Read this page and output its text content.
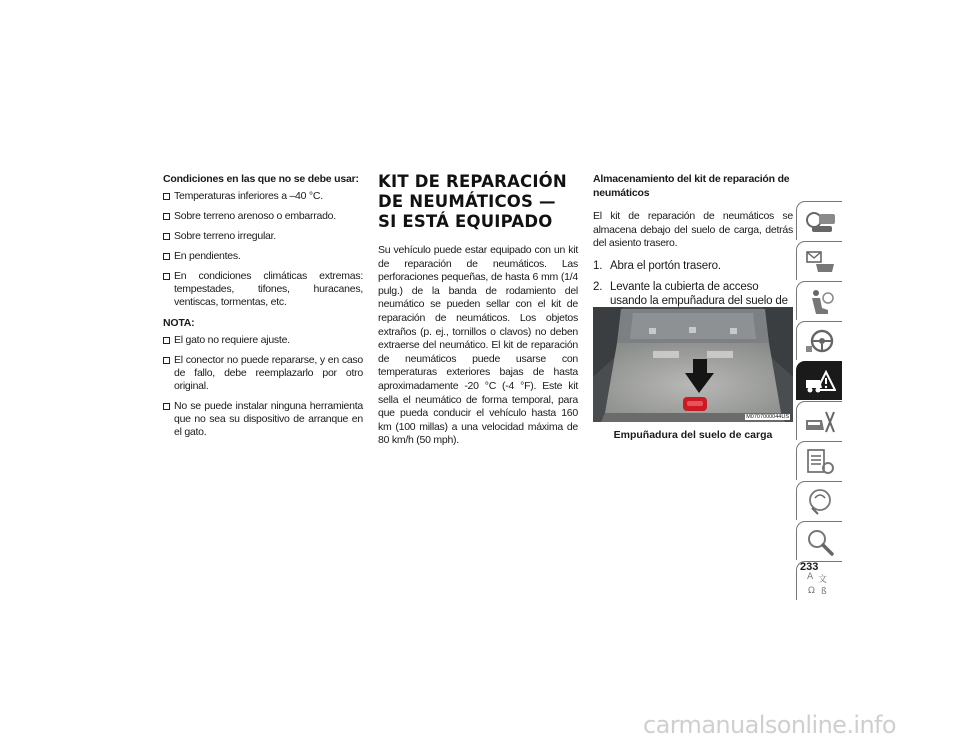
Condiciones en las que no se debe usar:
Temperaturas inferiores a –40 °C.
Sobre terreno arenoso o embarrado.
Sobre terreno irregular.
En pendientes.
En condiciones climáticas extremas: tempestades, tifones, huracanes, ventiscas, tormentas, etc.
NOTA:
El gato no requiere ajuste.
El conector no puede repararse, y en caso de fallo, debe reemplazarlo por otro original.
No se puede instalar ninguna herramienta que no sea su dispositivo de arranque en el gato.
KIT DE REPARACIÓN DE NEUMÁTICOS — SI ESTÁ EQUIPADO

Su vehículo puede estar equipado con un kit de reparación de neumáticos. Las perforaciones pequeñas, de hasta 6 mm (1/4 pulg.) de la banda de rodamiento del neumático se pueden sellar con el kit de reparación de neumáticos. Los objetos extraños (p. ej., tornillos o clavos) no deben extraerse del neumático. El kit de reparación de neumáticos puede usarse con temperaturas exteriores bajas de hasta aproximadamente -20 °C (-4 °F). Este kit sella el neumático de forma temporal, para que pueda conducir el vehículo hasta 160 km (100 millas) a una velocidad máxima de 80 km/h (50 mph).

Almacenamiento del kit de reparación de neumáticos

El kit de reparación de neumáticos se almacena debajo del suelo de carga, detrás del asiento trasero.

1. Abra el portón trasero.
2. Levante la cubierta de acceso usando la empuñadura del suelo de
M0707000044US
Empuñadura del suelo de carga
A 文
Ω ß
233
carmanualsonline.info
